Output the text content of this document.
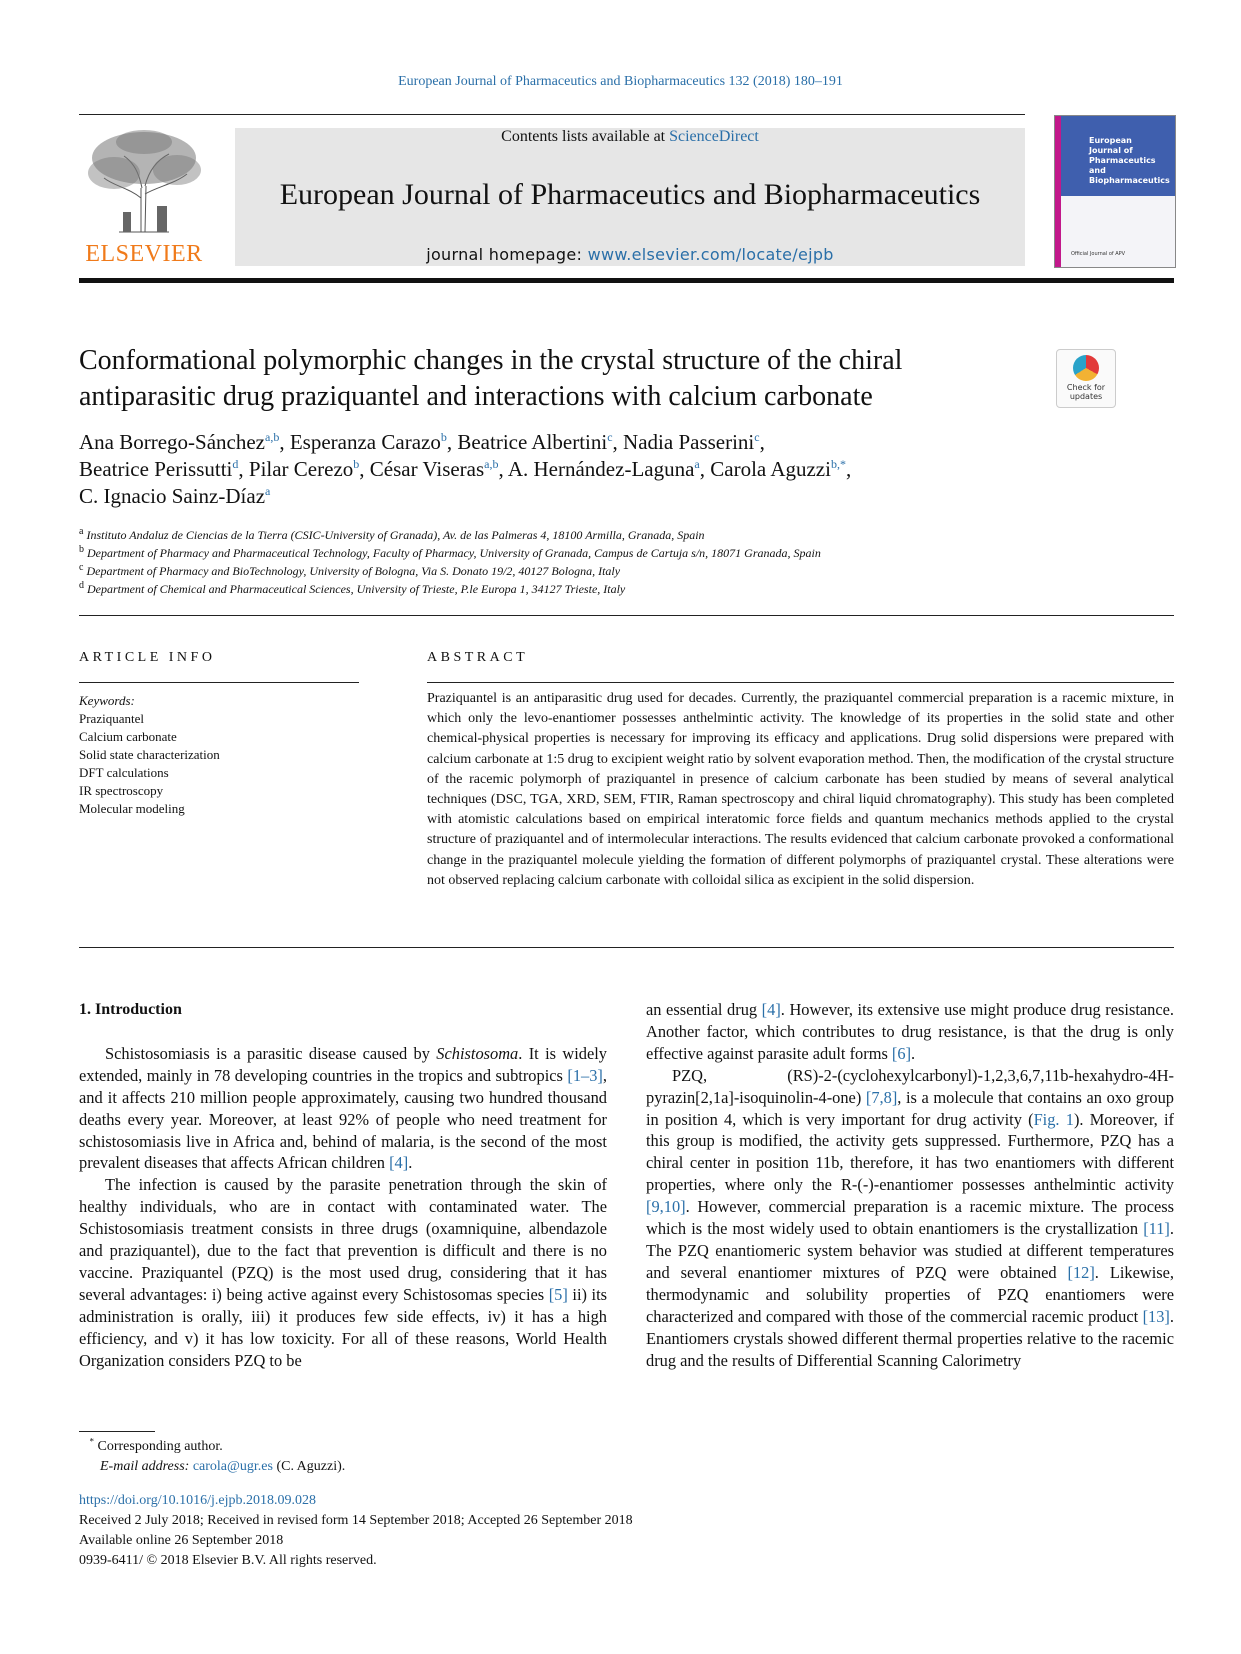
European Journal of Pharmaceutics and Biopharmaceutics 132 (2018) 180–191
ELSEVIER
Contents lists available at ScienceDirect
European Journal of Pharmaceutics and Biopharmaceutics
journal homepage: www.elsevier.com/locate/ejpb
European
Journal of
Pharmaceutics and
Biopharmaceutics
Official Journal of APV
Conformational polymorphic changes in the crystal structure of the chiral antiparasitic drug praziquantel and interactions with calcium carbonate	Check for updates
Ana Borrego-Sánchez$^{a,b}$, Esperanza Carazo$^b$, Beatrice Albertini$^c$, Nadia Passerini$^c$,
Beatrice Perissutti$^d$, Pilar Cerezo$^b$, César Viseras$^{a,b}$, A. Hernández-Laguna$^a$, Carola Aguzzi$^{b,*}$,
C. Ignacio Sainz-Díaz$^a$
$^a$ Instituto Andaluz de Ciencias de la Tierra (CSIC-University of Granada), Av. de las Palmeras 4, 18100 Armilla, Granada, Spain
$^b$ Department of Pharmacy and Pharmaceutical Technology, Faculty of Pharmacy, University of Granada, Campus de Cartuja s/n, 18071 Granada, Spain
$^c$ Department of Pharmacy and BioTechnology, University of Bologna, Via S. Donato 19/2, 40127 Bologna, Italy
$^d$ Department of Chemical and Pharmaceutical Sciences, University of Trieste, P.le Europa 1, 34127 Trieste, Italy
ARTICLE INFO	ABSTRACT
Keywords:
Praziquantel
Calcium carbonate
Solid state characterization
DFT calculations
IR spectroscopy
Molecular modeling
Praziquantel is an antiparasitic drug used for decades. Currently, the praziquantel commercial preparation is a racemic mixture, in which only the levo-enantiomer possesses anthelmintic activity. The knowledge of its properties in the solid state and other chemical-physical properties is necessary for improving its efficacy and applications. Drug solid dispersions were prepared with calcium carbonate at 1:5 drug to excipient weight ratio by solvent evaporation method. Then, the modification of the crystal structure of the racemic polymorph of praziquantel in presence of calcium carbonate has been studied by means of several analytical techniques (DSC, TGA, XRD, SEM, FTIR, Raman spectroscopy and chiral liquid chromatography). This study has been completed with atomistic calculations based on empirical interatomic force fields and quantum mechanics methods applied to the crystal structure of praziquantel and of intermolecular interactions. The results evidenced that calcium carbonate provoked a conformational change in the praziquantel molecule yielding the formation of different polymorphs of praziquantel crystal. These alterations were not observed replacing calcium carbonate with colloidal silica as excipient in the solid dispersion.
1. Introduction

Schistosomiasis is a parasitic disease caused by Schistosoma. It is widely extended, mainly in 78 developing countries in the tropics and subtropics [1–3], and it affects 210 million people approximately, causing two hundred thousand deaths every year. Moreover, at least 92% of people who need treatment for schistosomiasis live in Africa and, behind of malaria, is the second of the most prevalent diseases that affects African children [4].

The infection is caused by the parasite penetration through the skin of healthy individuals, who are in contact with contaminated water. The Schistosomiasis treatment consists in three drugs (oxamniquine, albendazole and praziquantel), due to the fact that prevention is difficult and there is no vaccine. Praziquantel (PZQ) is the most used drug, considering that it has several advantages: i) being active against every Schistosomas species [5] ii) its administration is orally, iii) it produces few side effects, iv) it has a high efficiency, and v) it has low toxicity. For all of these reasons, World Health Organization considers PZQ to be

an essential drug [4]. However, its extensive use might produce drug resistance. Another factor, which contributes to drug resistance, is that the drug is only effective against parasite adult forms [6].

PZQ, (RS)-2-(cyclohexylcarbonyl)-1,2,3,6,7,11b-hexahydro-4H-pyrazin[2,1a]-isoquinolin-4-one) [7,8], is a molecule that contains an oxo group in position 4, which is very important for drug activity (Fig. 1). Moreover, if this group is modified, the activity gets suppressed. Furthermore, PZQ has a chiral center in position 11b, therefore, it has two enantiomers with different properties, where only the R-(-)-enantiomer possesses anthelmintic activity [9,10]. However, commercial preparation is a racemic mixture. The process which is the most widely used to obtain enantiomers is the crystallization [11]. The PZQ enantiomeric system behavior was studied at different temperatures and several enantiomer mixtures of PZQ were obtained [12]. Likewise, thermodynamic and solubility properties of PZQ enantiomers were characterized and compared with those of the commercial racemic product [13]. Enantiomers crystals showed different thermal properties relative to the racemic drug and the results of Differential Scanning Calorimetry

* Corresponding author.
E-mail address: carola@ugr.es (C. Aguzzi).
https://doi.org/10.1016/j.ejpb.2018.09.028
Received 2 July 2018; Received in revised form 14 September 2018; Accepted 26 September 2018
Available online 26 September 2018
0939-6411/ © 2018 Elsevier B.V. All rights reserved.
